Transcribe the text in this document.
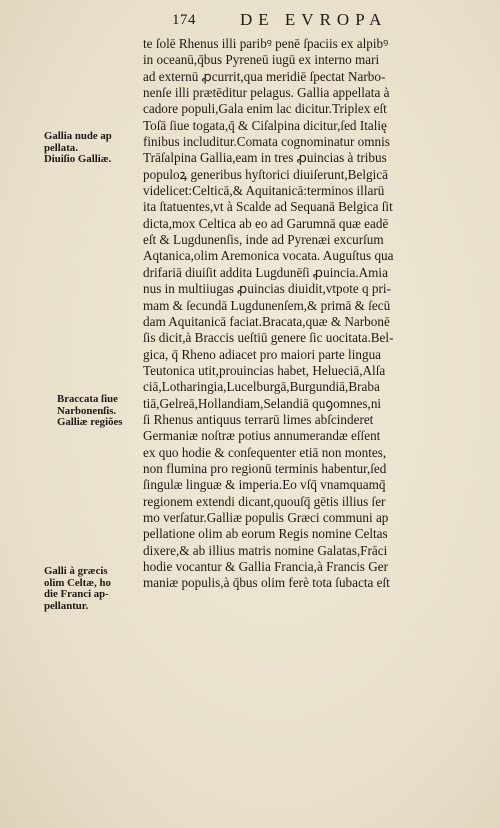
174	DE EVROPA
Gallia nude ap
pellata.
Diuiſio Galliæ.
Braccata ſiue
Narbonenſis.
Galliæ regiões
Galli à græcis
olim Celtæ, ho
die Franci ap‑
pellantur.
te ſolē Rhenus illi paribꝰ penē ſpaciis ex alpibꝰ
in oceanū,q̄bus Pyreneū iugū ex interno mari
ad externū ꝓcurrit,qua meridiē ſpectat Narbo‑
nenſe illi prætēditur pelagus. Gallia appellata à
cadore populi,Gala enim lac dicitur.Triplex eſt
Toſā ſiue togata,q̄ & Ciſalpina dicitur,ſed Italię
finibus includitur.Comata cognominatur omnis
Trāſalpina Gallia,eam in tres ꝓuincias à tribus
populoꝝ generibus hyſtorici diuiſerunt,Belgicā
videlicet:Celticā,& Aquitanicā:terminos illarū
ita ſtatuentes,vt à Scalde ad Sequanā Belgica ſit
dicta,mox Celtica ab eo ad Garumnā quæ eadē
eſt & Lugdunenſis, inde ad Pyrenæi excurſum
Aqtanica,olim Aremonica vocata. Auguſtus qua
drifariā diuiſit addita Lugdunēſi ꝓuincia.Amia
nus in multiiugas ꝓuincias diuidit,vtpote q pri‑
mam & ſecundā Lugdunenſem,& primā & ſecū
dam Aquitanicā faciat.Bracata,quæ & Narbonē
ſis dicit,à Braccis ueſtiū genere ſic uocitata.Bel‑
gica, q̄ Rheno adiacet pro maiori parte lingua
Teutonica utit,prouincias habet, Helueciā,Alſa
ciā,Lotharingia,Lucelburgā,Burgundiā,Braba
tiā,Gelreā,Hollandiam,Selandiā quꝯomnes,ni
ſi Rhenus antiquus terrarū limes abſcinderet
Germaniæ noſtræ potius annumerandæ eſſent
ex quo hodie & conſequenter etiā non montes,
non flumina pro regionū terminis habentur,ſed
ſingulæ linguæ & imperia.Eo vſq̄ vnamquamq̄
regionem extendi dicant,quouſq̄ gētis illius ſer
mo verſatur.Galliæ populis Græci communi ap
pellatione olim ab eorum Regis nomine Celtas
dixere,& ab illius matris nomine Galatas,Frāci
hodie vocantur & Gallia Francia,à Francis Ger
maniæ populis,à q̄bus olim ferè tota ſubacta eſt
